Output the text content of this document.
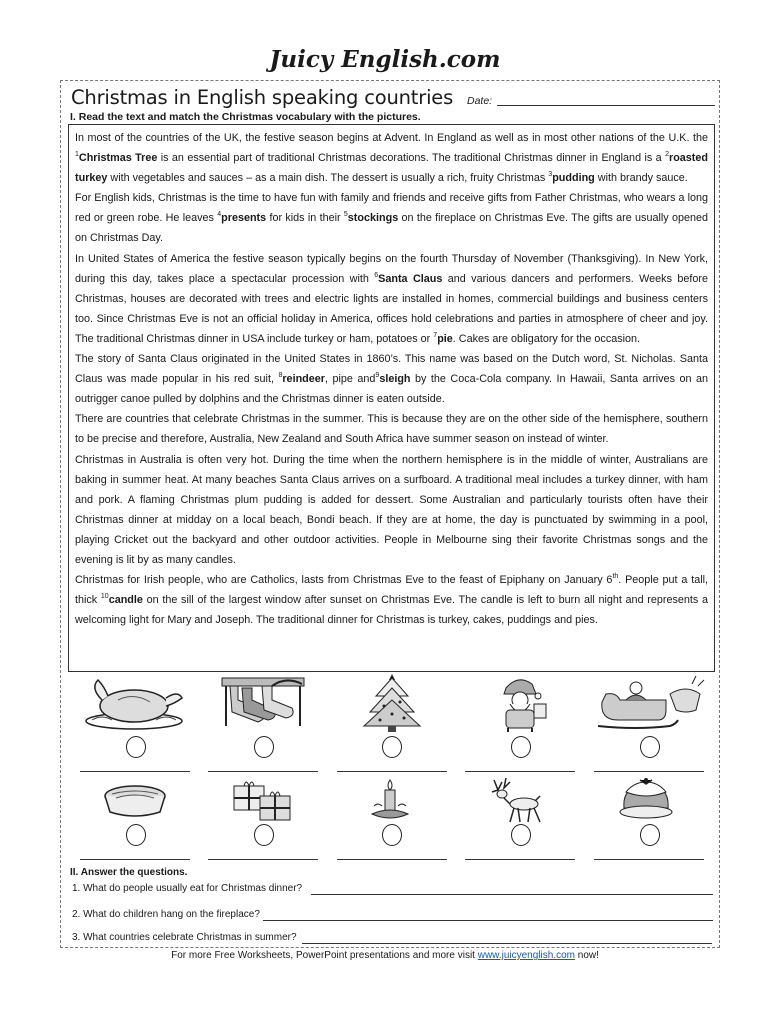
Juicy English.com
Christmas in English speaking countries Date:
I. Read the text and match the Christmas vocabulary with the pictures.

In most of the countries of the UK, the festive season begins at Advent. In England as well as in most other nations of the U.K. the $^1$Christmas Tree is an essential part of traditional Christmas decorations. The traditional Christmas dinner in England is a $^2$roasted turkey with vegetables and sauces – as a main dish. The dessert is usually a rich, fruity Christmas $^3$pudding with brandy sauce.

For English kids, Christmas is the time to have fun with family and friends and receive gifts from Father Christmas, who wears a long red or green robe. He leaves $^4$presents for kids in their $^5$stockings on the fireplace on Christmas Eve. The gifts are usually opened on Christmas Day.

In United States of America the festive season typically begins on the fourth Thursday of November (Thanksgiving). In New York, during this day, takes place a spectacular procession with $^6$Santa Claus and various dancers and performers. Weeks before Christmas, houses are decorated with trees and electric lights are installed in homes, commercial buildings and business centers too. Since Christmas Eve is not an official holiday in America, offices hold celebrations and parties in atmosphere of cheer and joy. The traditional Christmas dinner in USA include turkey or ham, potatoes or $^7$pie. Cakes are obligatory for the occasion.

The story of Santa Claus originated in the United States in 1860’s. This name was based on the Dutch word, St. Nicholas. Santa Claus was made popular in his red suit, $^8$reindeer, pipe and$^9$sleigh by the Coca-Cola company. In Hawaii, Santa arrives on an outrigger canoe pulled by dolphins and the Christmas dinner is eaten outside.

There are countries that celebrate Christmas in the summer. This is because they are on the other side of the hemisphere, southern to be precise and therefore, Australia, New Zealand and South Africa have summer season on instead of winter.

Christmas in Australia is often very hot. During the time when the northern hemisphere is in the middle of winter, Australians are baking in summer heat. At many beaches Santa Claus arrives on a surfboard. A traditional meal includes a turkey dinner, with ham and pork. A flaming Christmas plum pudding is added for dessert. Some Australian and particularly tourists often have their Christmas dinner at midday on a local beach, Bondi beach. If they are at home, the day is punctuated by swimming in a pool, playing Cricket out the backyard and other outdoor activities. People in Melbourne sing their favorite Christmas songs and the evening is lit by as many candles.

Christmas for Irish people, who are Catholics, lasts from Christmas Eve to the feast of Epiphany on January 6th. People put a tall, thick $^{10}$candle on the sill of the largest window after sunset on Christmas Eve. The candle is left to burn all night and represents a welcoming light for Mary and Joseph. The traditional dinner for Christmas is turkey, cakes, puddings and pies.

II. Answer the questions.
1. What do people usually eat for Christmas dinner?
2. What do children hang on the fireplace?
3. What countries celebrate Christmas in summer?
For more Free Worksheets, PowerPoint presentations and more visit www.juicyenglish.com now!
